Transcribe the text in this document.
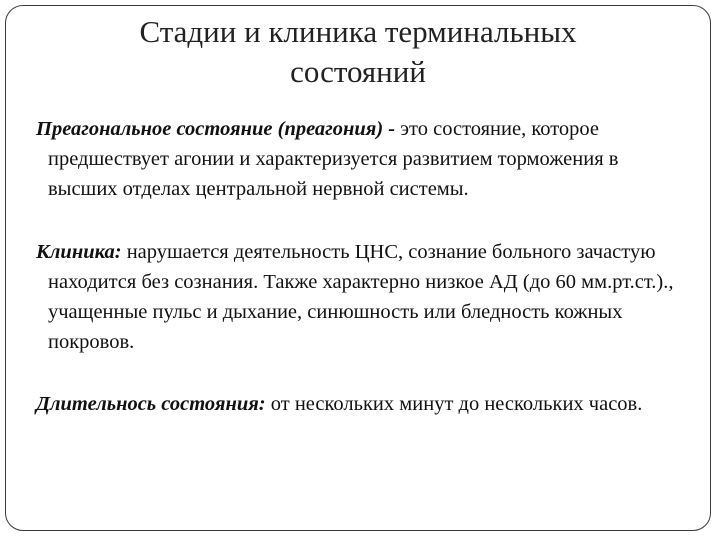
Стадии и клиника терминальных
состояний

Преагональное состояние (преагония) - это состояние, которое предшествует агонии и характеризуется развитием торможения в высших отделах центральной нервной системы.

Клиника: нарушается деятельность ЦНС, сознание больного зачастую находится без сознания. Также характерно низкое АД (до 60 мм.рт.ст.)., учащенные пульс и дыхание, синюшность или бледность кожных покровов.

Длительнось состояния: от нескольких минут до нескольких часов.
